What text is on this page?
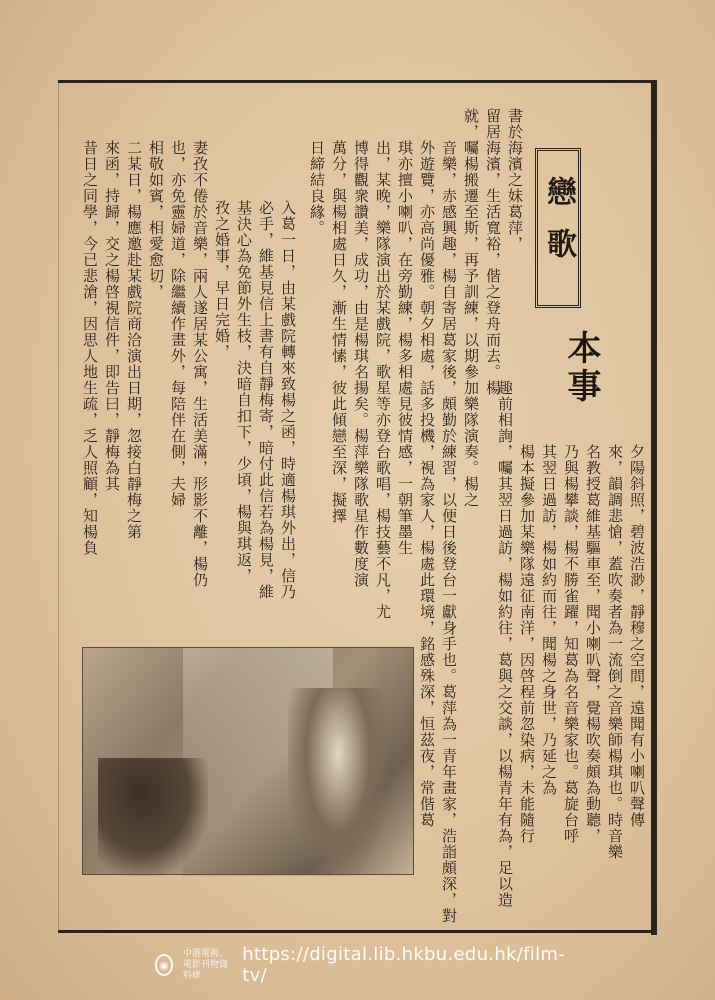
戀歌
本事
夕陽斜照，碧波浩渺，靜穆之空間，遠聞有小喇叭聲傳
來，韻調悲愴，蓋吹奏者為一流倒之音樂師楊琪也。時音樂
名教授葛維基驅車至，聞小喇叭聲，覺楊吹奏頗為動聽，
乃與楊攀談，楊不勝雀躍，知葛為名音樂家也。葛旋台呼
其翌日過訪，楊如約而往，聞楊之身世，乃延之為
楊本擬參加某樂隊遠征南洋，因啓程前忽染病，未能隨行
趣前相詢，囑其翌日過訪，楊如約往，葛與之交談，以楊青年有為，足以造
書於海濱之妹葛萍，
留居海濱，生活寬裕，偕之登舟而去。楊
就，囑楊搬遷至斯，再予訓練，以期參加樂隊演奏。楊之
音樂，赤感興趣，楊自寄居葛家後，頗勤於練習，以便日後登台一獻身手也。葛萍為一青年畫家，浩詣頗深，對
外遊覽，亦高尚優雅。朝夕相處，話多投機，視為家人，楊處此環境，銘感殊深，恒茲夜，常偕葛
琪亦擅小喇叭，在旁勤練，楊多相處見彼情感，一朝筆墨生
出，某晚，樂隊演出於某戲院，歌星等亦登台歌唱，楊技藝不凡，尤
博得觀衆讚美，成功，由是楊琪名揚矣。楊萍樂隊歌星作數度演
萬分，與楊相處日久，漸生情愫，彼此傾戀至深，擬擇
日締結良緣。
入葛一日，由某戲院轉來致楊之函，時適楊琪外出，信乃
必手，維基見信上書有自靜梅寄，暗付此信若為楊見，維
基決心為免節外生枝，決暗自扣下，少頃，楊與琪返，
孜之婚事，早日完婚，
妻孜不倦於音樂，兩人遂居某公寓，生活美滿，形影不離，楊仍
也，亦免靈婦道，除繼續作畫外，每陪伴在側，夫婦
相敬如賓，相愛愈切，
二某日，楊應邀赴某戲院商洽演出日期，忽接白靜梅之第
來函，持歸，交之楊啓視信件，即告曰，靜梅為其
昔日之同學，今已悲滄，因思人地生疏，乏人照顧，知楊負
◉
中港電視、電影刊物資料庫
https://digital.lib.hkbu.edu.hk/film-tv/
